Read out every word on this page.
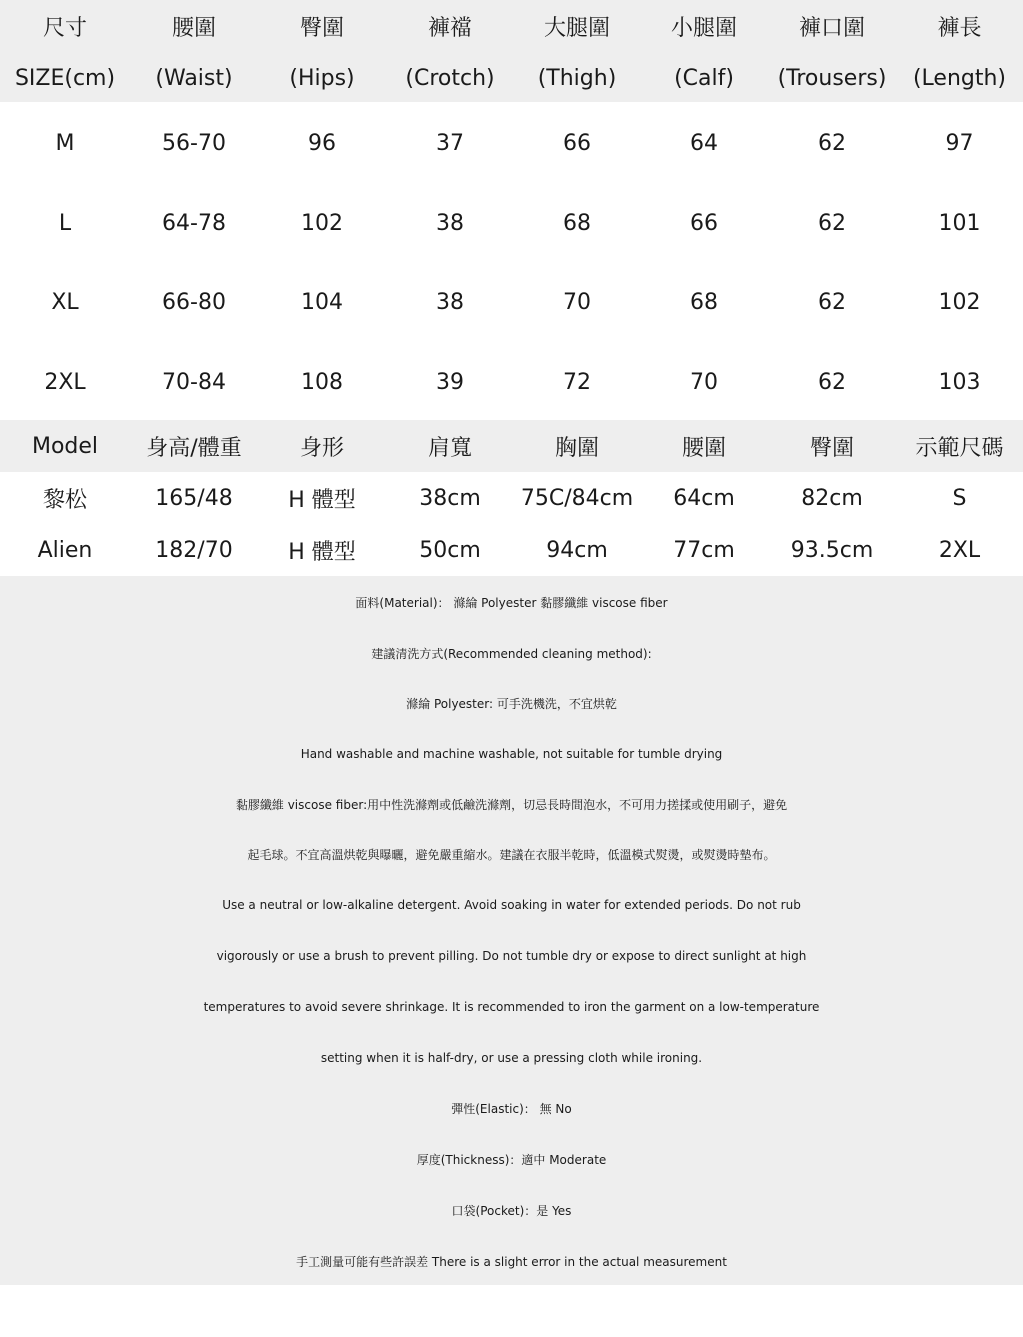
尺寸	腰圍	臀圍	褲襠	大腿圍	小腿圍	褲口圍	褲長
SIZE(cm)	(Waist)	(Hips)	(Crotch)	(Thigh)	(Calf)	(Trousers)	(Length)
M	56-70	96	37	66	64	62	97
L	64-78	102	38	68	66	62	101
XL	66-80	104	38	70	68	62	102
2XL	70-84	108	39	72	70	62	103
Model	身高/體重	身形	肩寬	胸圍	腰圍	臀圍	示範尺碼
黎松	165/48	H 體型	38cm	75C/84cm	64cm	82cm	S
Alien	182/70	H 體型	50cm	94cm	77cm	93.5cm	2XL
面料(Material)： 滌綸 Polyester 黏膠纖維 viscose fiber
建議清洗方式(Recommended cleaning method):
滌綸 Polyester: 可手洗機洗，不宜烘乾
Hand washable and machine washable, not suitable for tumble drying
黏膠纖維 viscose fiber:用中性洗滌劑或低鹼洗滌劑，切忌長時間泡水，不可用力搓揉或使用刷子，避免
起毛球。不宜高溫烘乾與曝曬，避免嚴重縮水。建議在衣服半乾時，低溫模式熨燙，或熨燙時墊布。
Use a neutral or low-alkaline detergent. Avoid soaking in water for extended periods. Do not rub
vigorously or use a brush to prevent pilling. Do not tumble dry or expose to direct sunlight at high
temperatures to avoid severe shrinkage. It is recommended to iron the garment on a low-temperature
setting when it is half-dry, or use a pressing cloth while ironing.
彈性(Elastic)： 無 No
厚度(Thickness)：適中 Moderate
口袋(Pocket)：是 Yes
手工測量可能有些許誤差 There is a slight error in the actual measurement
